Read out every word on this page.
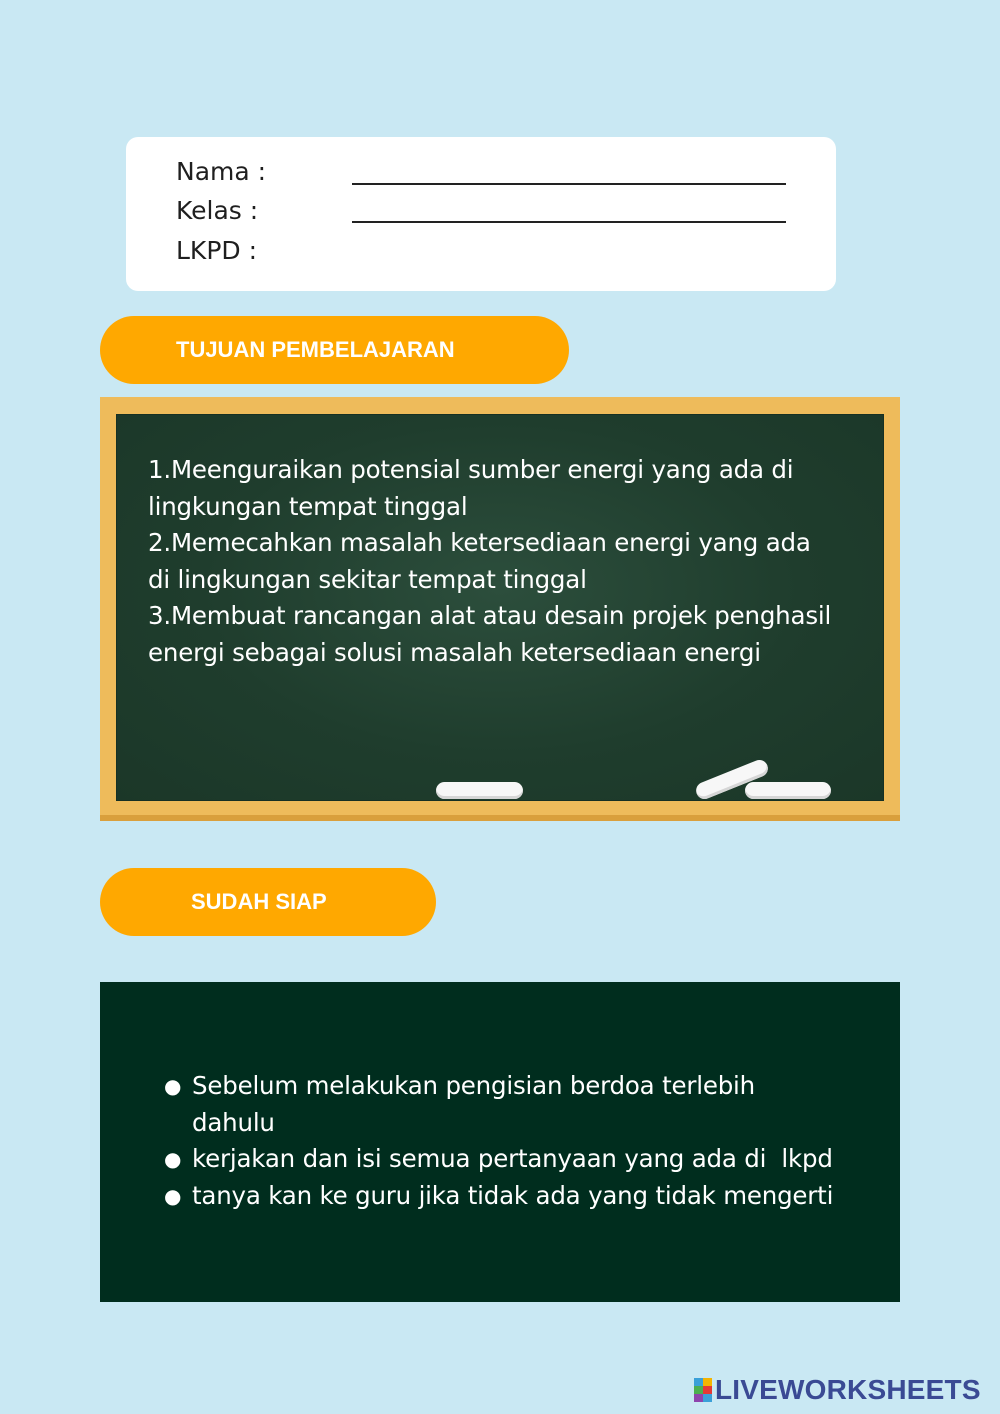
Nama :
Kelas :
LKPD :
TUJUAN PEMBELAJARAN
1.Meenguraikan potensial sumber energi yang ada di
lingkungan tempat tinggal
2.Memecahkan masalah ketersediaan energi yang ada
di lingkungan sekitar tempat tinggal
3.Membuat rancangan alat atau desain projek penghasil
energi sebagai solusi masalah ketersediaan energi
SUDAH SIAP
● Sebelum melakukan pengisian berdoa terlebih
dahulu
● kerjakan dan isi semua pertanyaan yang ada di  lkpd
● tanya kan ke guru jika tidak ada yang tidak mengerti
LIVEWORKSHEETS
